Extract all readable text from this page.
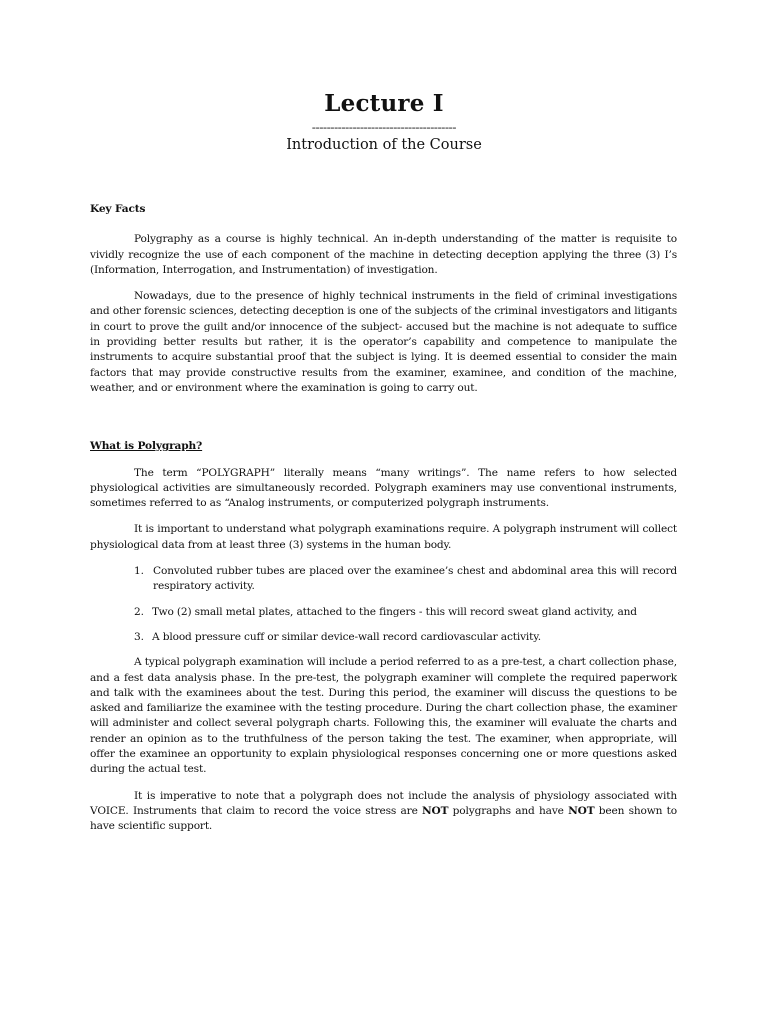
Lecture I
---------------------------------------
Introduction of the Course
Key Facts

Polygraphy as a course is highly technical. An in-depth understanding of the matter is requisite to vividly recognize the use of each component of the machine in detecting deception applying the three (3) I’s (Information, Interrogation, and Instrumentation) of investigation.

Nowadays, due to the presence of highly technical instruments in the field of criminal investigations and other forensic sciences, detecting deception is one of the subjects of the criminal investigators and litigants in court to prove the guilt and/or innocence of the subject- accused but the machine is not adequate to suffice in providing better results but rather, it is the operator’s capability and competence to manipulate the instruments to acquire substantial proof that the subject is lying. It is deemed essential to consider the main factors that may provide constructive results from the examiner, examinee, and condition of the machine, weather, and or environment where the examination is going to carry out.

What is Polygraph?

The term “POLYGRAPH” literally means “many writings”. The name refers to how selected physiological activities are simultaneously recorded. Polygraph examiners may use conventional instruments, sometimes referred to as “Analog instruments, or computerized polygraph instruments.

It is important to understand what polygraph examinations require. A polygraph instrument will collect physiological data from at least three (3) systems in the human body.

1. Convoluted rubber tubes are placed over the examinee’s chest and abdominal area this will record respiratory activity.
2. Two (2) small metal plates, attached to the fingers - this will record sweat gland activity, and
3. A blood pressure cuff or similar device-wall record cardiovascular activity.

A typical polygraph examination will include a period referred to as a pre-test, a chart collection phase, and a fest data analysis phase. In the pre-test, the polygraph examiner will complete the required paperwork and talk with the examinees about the test. During this period, the examiner will discuss the questions to be asked and familiarize the examinee with the testing procedure. During the chart collection phase, the examiner will administer and collect several polygraph charts. Following this, the examiner will evaluate the charts and render an opinion as to the truthfulness of the person taking the test. The examiner, when appropriate, will offer the examinee an opportunity to explain physiological responses concerning one or more questions asked during the actual test.

It is imperative to note that a polygraph does not include the analysis of physiology associated with VOICE. Instruments that claim to record the voice stress are NOT polygraphs and have NOT been shown to have scientific support.
